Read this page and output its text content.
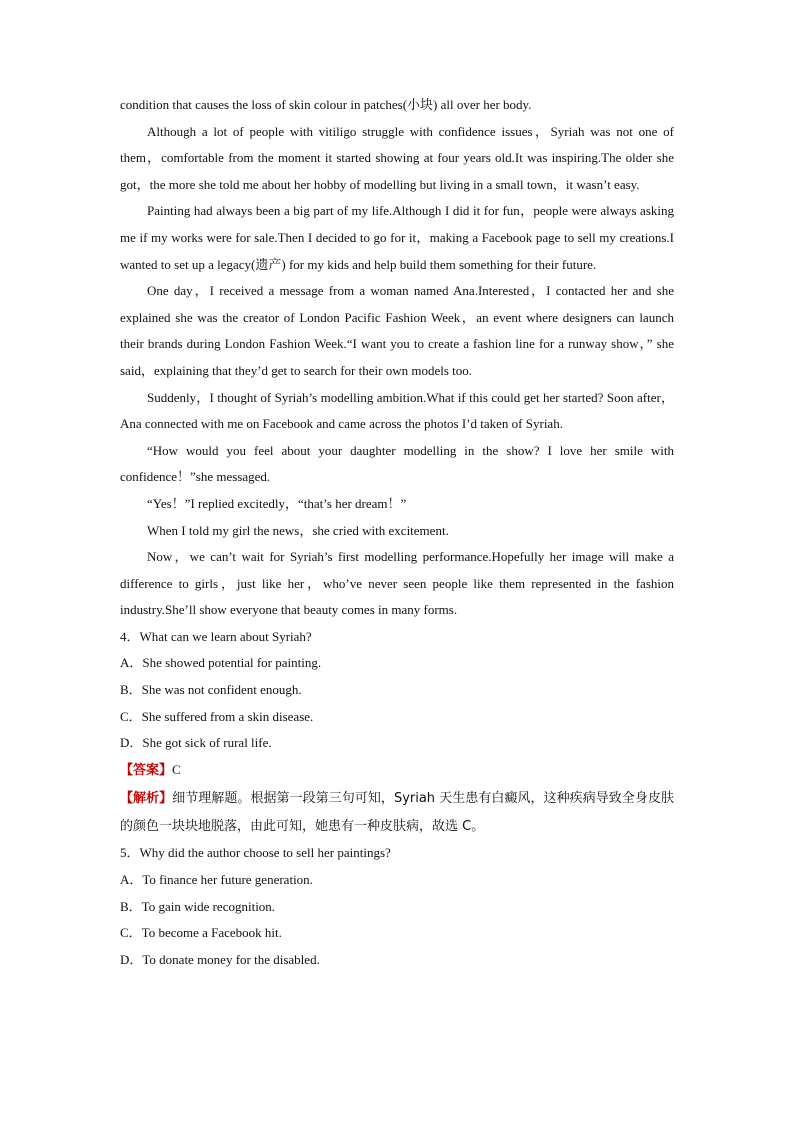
condition that causes the loss of skin colour in patches(小块) all over her body.

Although a lot of people with vitiligo struggle with confidence issues，Syriah was not one of them，comfortable from the moment it started showing at four years old.It was inspiring.The older she got，the more she told me about her hobby of modelling but living in a small town，it wasn’t easy.

Painting had always been a big part of my life.Although I did it for fun，people were always asking me if my works were for sale.Then I decided to go for it，making a Facebook page to sell my creations.I wanted to set up a legacy(遗产) for my kids and help build them something for their future.

One day，I received a message from a woman named Ana.Interested，I contacted her and she explained she was the creator of London Pacific Fashion Week，an event where designers can launch their brands during London Fashion Week.“I want you to create a fashion line for a runway show，” she said，explaining that they’d get to search for their own models too.

Suddenly，I thought of Syriah’s modelling ambition.What if this could get her started? Soon after，Ana connected with me on Facebook and came across the photos I’d taken of Syriah.

“How would you feel about your daughter modelling in the show? I love her smile with confidence！”she messaged.

“Yes！”I replied excitedly，“that’s her dream！”

When I told my girl the news，she cried with excitement.

Now，we can’t wait for Syriah’s first modelling performance.Hopefully her image will make a difference to girls，just like her，who’ve never seen people like them represented in the fashion industry.She’ll show everyone that beauty comes in many forms.

4．What can we learn about Syriah?

A．She showed potential for painting.

B．She was not confident enough.

C．She suffered from a skin disease.

D．She got sick of rural life.

【答案】C

【解析】细节理解题。根据第一段第三句可知，Syriah 天生患有白癜风，这种疾病导致全身皮肤的颜色一块块地脱落，由此可知，她患有一种皮肤病，故选 C。

5．Why did the author choose to sell her paintings?

A．To finance her future generation.

B．To gain wide recognition.

C．To become a Facebook hit.

D．To donate money for the disabled.
